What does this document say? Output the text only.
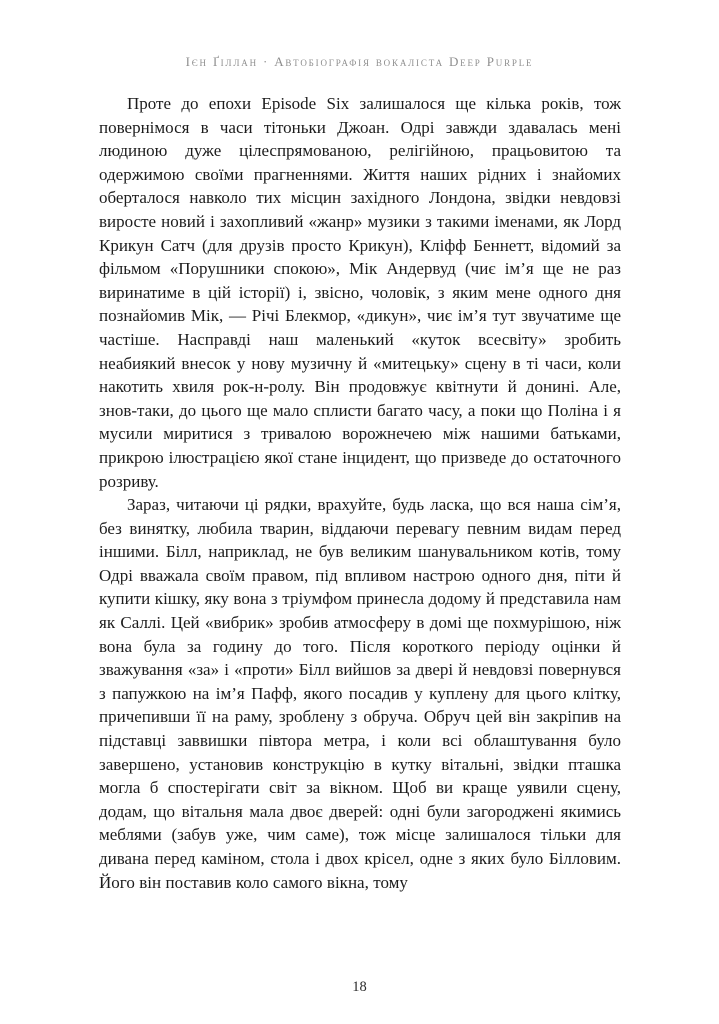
Ієн Ґіллан · Автобіографія вокаліста Deep Purple

Проте до епохи Episode Six залишалося ще кілька років, тож повернімося в часи тітоньки Джоан. Одрі завжди здавалась мені людиною дуже цілеспрямованою, релігійною, працьовитою та одержимою своїми прагненнями. Життя наших рідних і знайомих оберталося навколо тих місцин західного Лондона, звідки невдовзі виросте новий і захопливий «жанр» музики з такими іменами, як Лорд Крикун Сатч (для друзів просто Крикун), Кліфф Беннетт, відомий за фільмом «Порушники спокою», Мік Андервуд (чиє ім’я ще не раз виринатиме в цій історії) і, звісно, чоловік, з яким мене одного дня познайомив Мік, — Річі Блекмор, «дикун», чиє ім’я тут звучатиме ще частіше. Насправді наш маленький «куток всесвіту» зробить неабиякий внесок у нову музичну й «митецьку» сцену в ті часи, коли накотить хвиля рок-н-ролу. Він продовжує квітнути й донині. Але, знов-таки, до цього ще мало сплисти багато часу, а поки що Поліна і я мусили миритися з тривалою ворожнечею між нашими батьками, прикрою ілюстрацією якої стане інцидент, що призведе до остаточного розриву.

Зараз, читаючи ці рядки, врахуйте, будь ласка, що вся наша сім’я, без винятку, любила тварин, віддаючи перевагу певним видам перед іншими. Білл, наприклад, не був великим шанувальником котів, тому Одрі вважала своїм правом, під впливом настрою одного дня, піти й купити кішку, яку вона з тріумфом принесла додому й представила нам як Саллі. Цей «вибрик» зробив атмосферу в домі ще похмурішою, ніж вона була за годину до того. Після короткого періоду оцінки й зважування «за» і «проти» Білл вийшов за двері й невдовзі повернувся з папужкою на ім’я Пафф, якого посадив у куплену для цього клітку, причепивши її на раму, зроблену з обруча. Обруч цей він закріпив на підставці заввишки півтора метра, і коли всі облаштування було завершено, установив конструкцію в кутку вітальні, звідки пташка могла б спостерігати світ за вікном. Щоб ви краще уявили сцену, додам, що вітальня мала двоє дверей: одні були загороджені якимись меблями (забув уже, чим саме), тож місце залишалося тільки для дивана перед каміном, стола і двох крісел, одне з яких було Білловим. Його він поставив коло самого вікна, тому

18
